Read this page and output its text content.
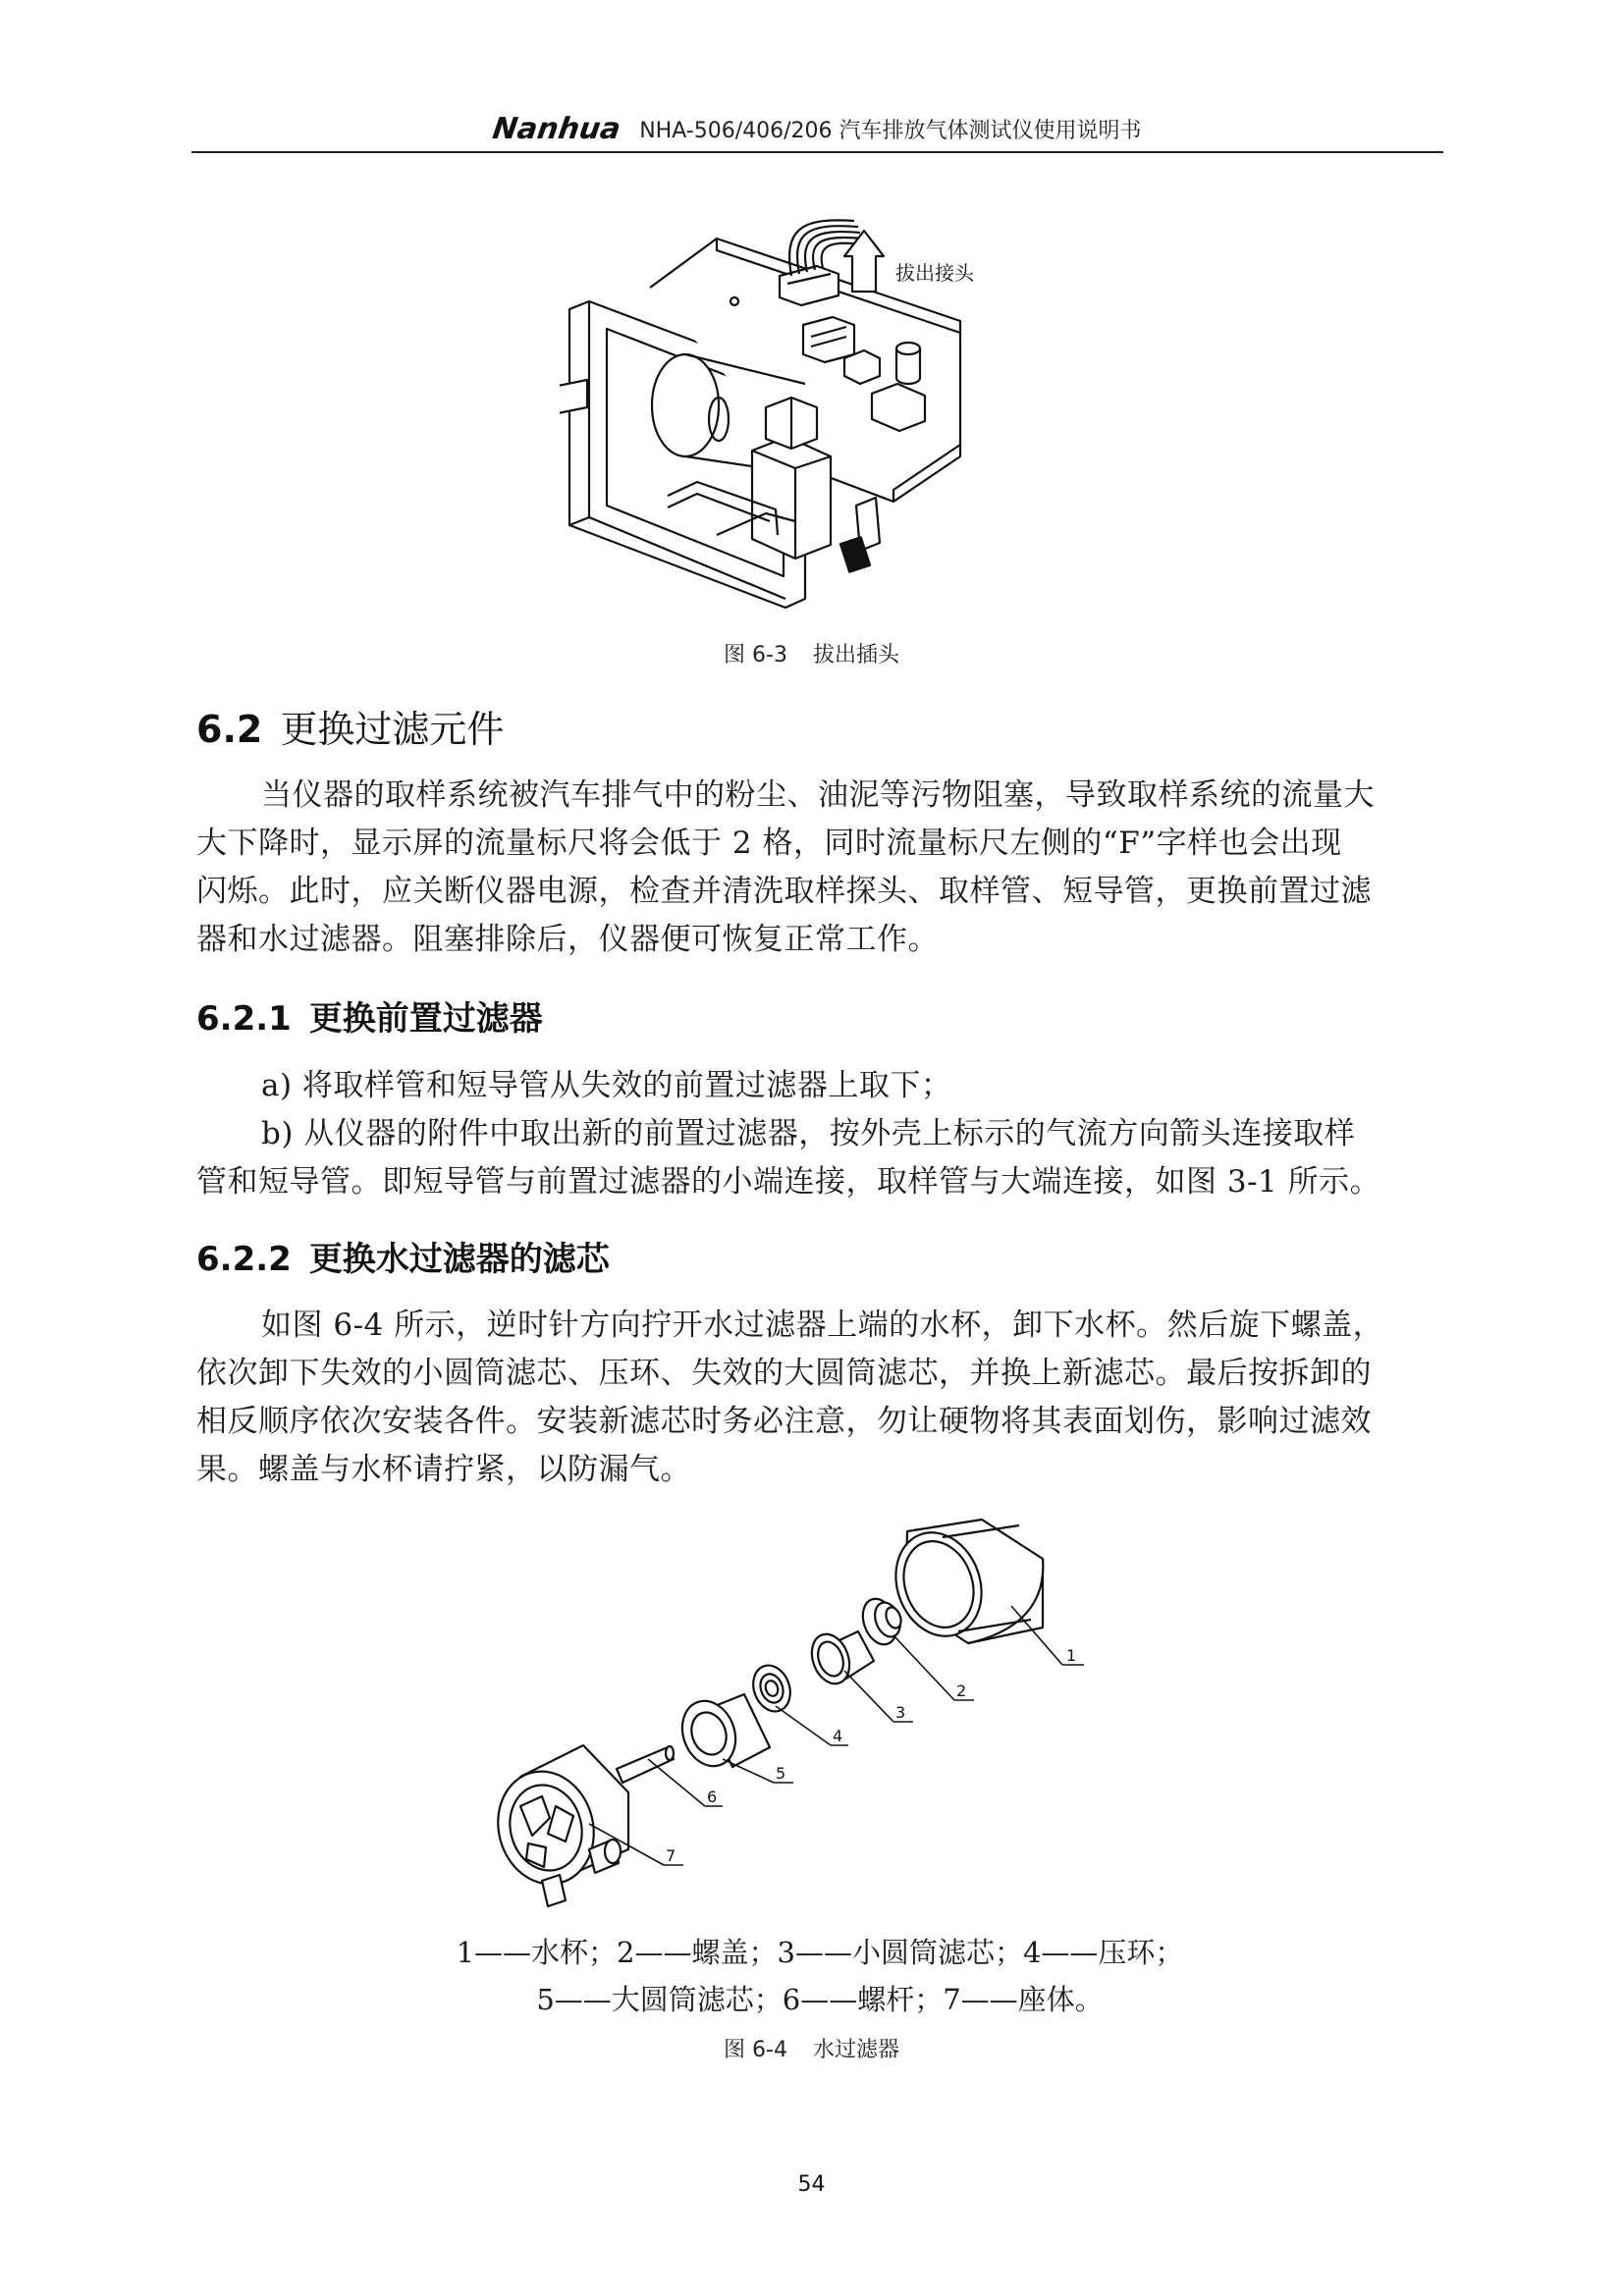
Nanhua NHA-506/406/206 汽车排放气体测试仪使用说明书
拔出接头
图 6-3 拔出插头
6.2 更换过滤元件
当仪器的取样系统被汽车排气中的粉尘、油泥等污物阻塞，导致取样系统的流量大
大下降时，显示屏的流量标尺将会低于 2 格，同时流量标尺左侧的“F”字样也会出现
闪烁。此时，应关断仪器电源，检查并清洗取样探头、取样管、短导管，更换前置过滤
器和水过滤器。阻塞排除后，仪器便可恢复正常工作。
6.2.1 更换前置过滤器
a) 将取样管和短导管从失效的前置过滤器上取下；
b) 从仪器的附件中取出新的前置过滤器，按外壳上标示的气流方向箭头连接取样
管和短导管。即短导管与前置过滤器的小端连接，取样管与大端连接，如图 3-1 所示。
6.2.2 更换水过滤器的滤芯
如图 6-4 所示，逆时针方向拧开水过滤器上端的水杯，卸下水杯。然后旋下螺盖，
依次卸下失效的小圆筒滤芯、压环、失效的大圆筒滤芯，并换上新滤芯。最后按拆卸的
相反顺序依次安装各件。安装新滤芯时务必注意，勿让硬物将其表面划伤，影响过滤效
果。螺盖与水杯请拧紧，以防漏气。
1
2
3
4
5
6
7
1——水杯；2——螺盖；3——小圆筒滤芯；4——压环；
5——大圆筒滤芯；6——螺杆；7——座体。
图 6-4 水过滤器
54
